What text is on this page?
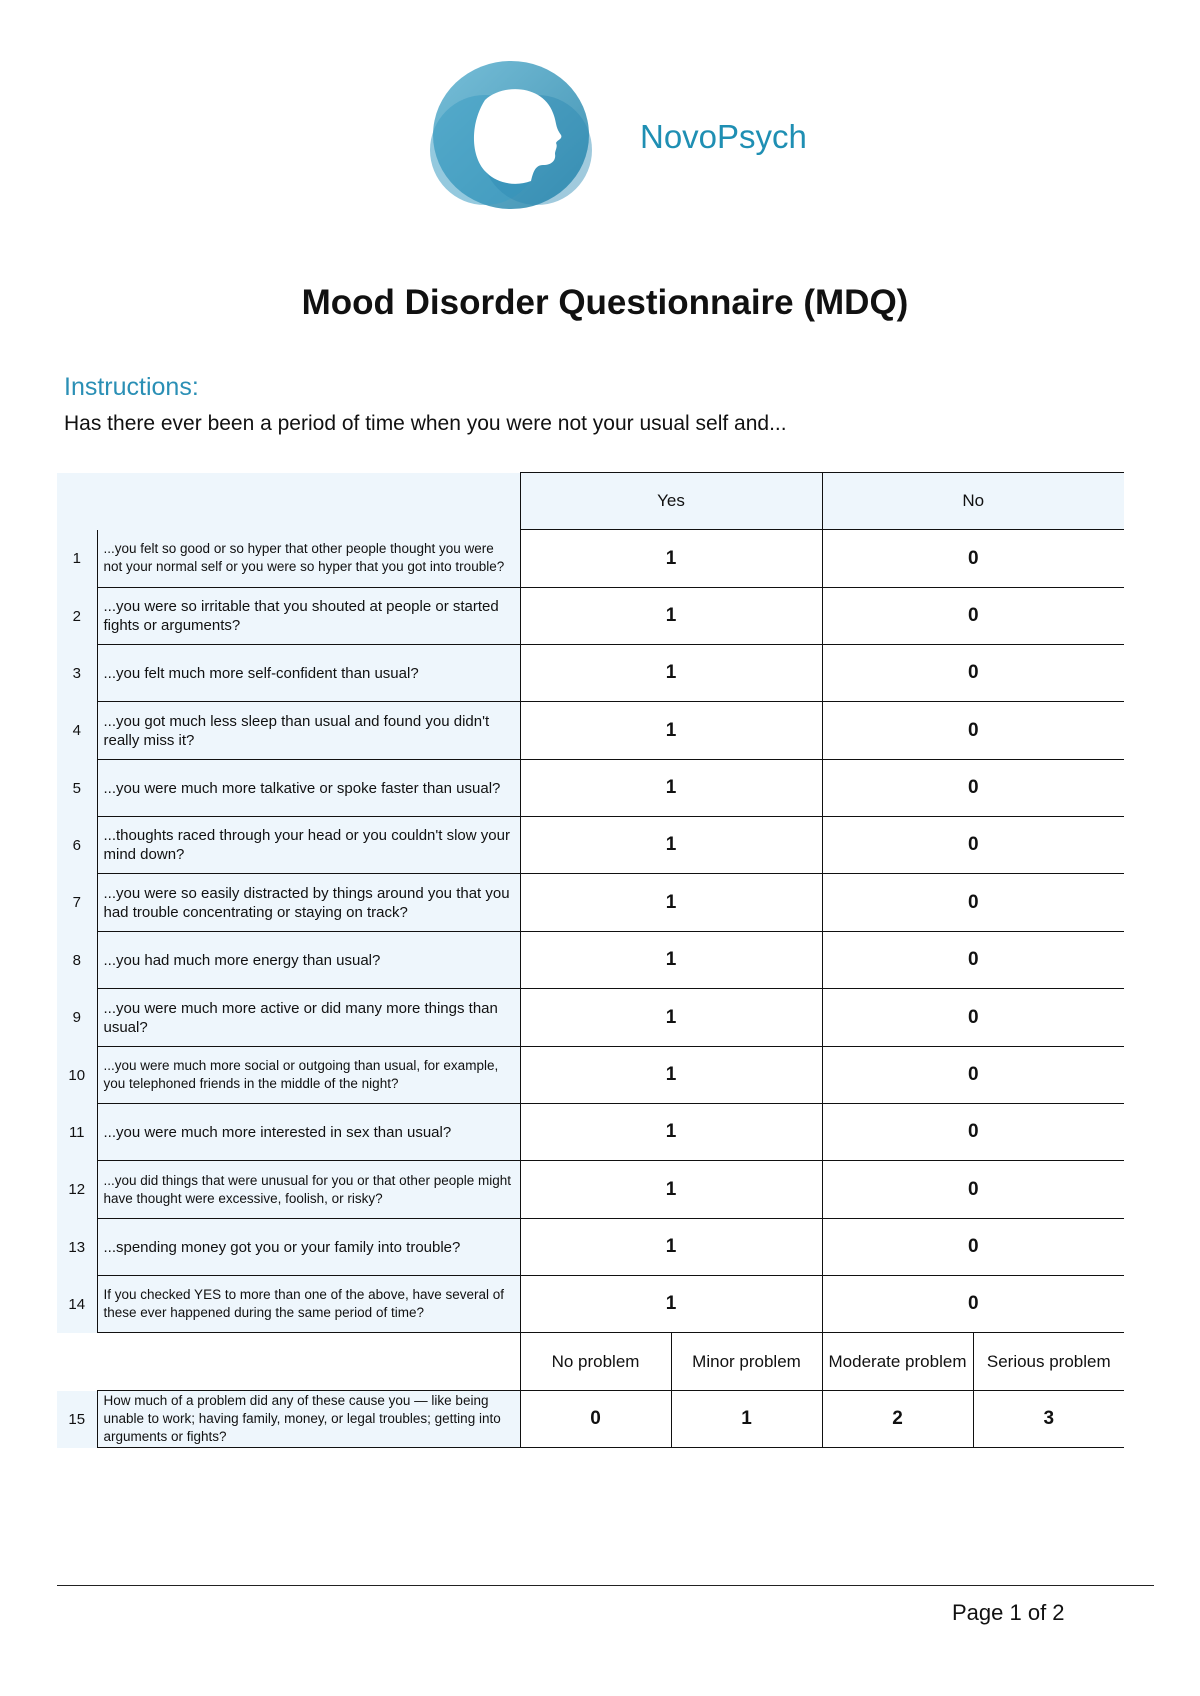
NovoPsych
Mood Disorder Questionnaire (MDQ)
Instructions:
Has there ever been a period of time when you were not your usual self and...
		Yes		No	
1	...you felt so good or so hyper that other people thought you were not your normal self or you were so hyper that you got into trouble?	1		0	
2	...you were so irritable that you shouted at people or started fights or arguments?	1		0	
3	...you felt much more self-confident than usual?	1		0	
4	...you got much less sleep than usual and found you didn't really miss it?	1		0	
5	...you were much more talkative or spoke faster than usual?	1		0	
6	...thoughts raced through your head or you couldn't slow your mind down?	1		0	
7	...you were so easily distracted by things around you that you had trouble concentrating or staying on track?	1		0	
8	...you had much more energy than usual?	1		0	
9	...you were much more active or did many more things than usual?	1		0	
10	...you were much more social or outgoing than usual, for example, you telephoned friends in the middle of the night?	1		0	
11	...you were much more interested in sex than usual?	1		0	
12	...you did things that were unusual for you or that other people might have thought were excessive, foolish, or risky?	1		0	
13	...spending money got you or your family into trouble?	1		0	
14	If you checked YES to more than one of the above, have several of these ever happened during the same period of time?	1		0	
		No problem	Minor problem	Moderate problem	Serious problem
15	How much of a problem did any of these cause you — like being unable to work; having family, money, or legal troubles; getting into arguments or fights?	0	1	2	3
Page 1 of 2
